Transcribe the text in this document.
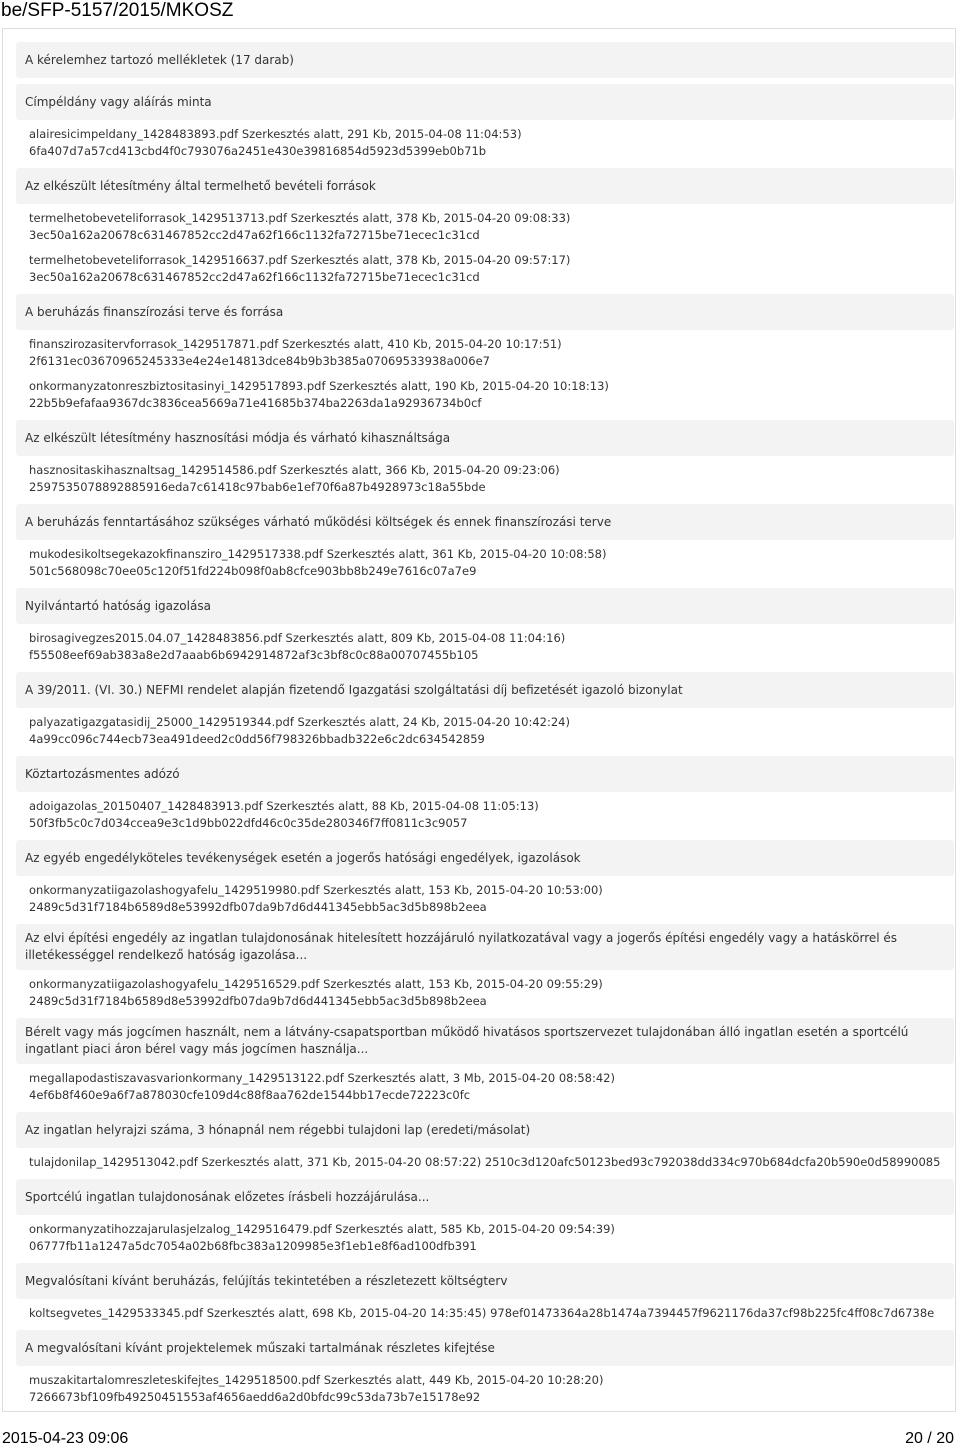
be/SFP-5157/2015/MKOSZ
A kérelemhez tartozó mellékletek (17 darab)
Címpéldány vagy aláírás minta
alairesicimpeldany_1428483893.pdf Szerkesztés alatt, 291 Kb, 2015-04-08 11:04:53)
6fa407d7a57cd413cbd4f0c793076a2451e430e39816854d5923d5399eb0b71b
Az elkészült létesítmény által termelhető bevételi források
termelhetobeveteliforrasok_1429513713.pdf Szerkesztés alatt, 378 Kb, 2015-04-20 09:08:33)
3ec50a162a20678c631467852cc2d47a62f166c1132fa72715be71ecec1c31cd
termelhetobeveteliforrasok_1429516637.pdf Szerkesztés alatt, 378 Kb, 2015-04-20 09:57:17)
3ec50a162a20678c631467852cc2d47a62f166c1132fa72715be71ecec1c31cd
A beruházás finanszírozási terve és forrása
finanszirozasitervforrasok_1429517871.pdf Szerkesztés alatt, 410 Kb, 2015-04-20 10:17:51)
2f6131ec03670965245333e4e24e14813dce84b9b3b385a07069533938a006e7
onkormanyzatonreszbiztositasinyi_1429517893.pdf Szerkesztés alatt, 190 Kb, 2015-04-20 10:18:13)
22b5b9efafaa9367dc3836cea5669a71e41685b374ba2263da1a92936734b0cf
Az elkészült létesítmény hasznosítási módja és várható kihasználtsága
hasznositaskihasznaltsag_1429514586.pdf Szerkesztés alatt, 366 Kb, 2015-04-20 09:23:06)
2597535078892885916eda7c61418c97bab6e1ef70f6a87b4928973c18a55bde
A beruházás fenntartásához szükséges várható működési költségek és ennek finanszírozási terve
mukodesikoltsegekazokfinanszirо_1429517338.pdf Szerkesztés alatt, 361 Kb, 2015-04-20 10:08:58)
501c568098c70ee05c120f51fd224b098f0ab8cfce903bb8b249e7616c07a7e9
Nyilvántartó hatóság igazolása
birosagivegzes2015.04.07_1428483856.pdf Szerkesztés alatt, 809 Kb, 2015-04-08 11:04:16)
f55508eef69ab383a8e2d7aaab6b6942914872af3c3bf8c0c88a00707455b105
A 39/2011. (VI. 30.) NEFMI rendelet alapján fizetendő Igazgatási szolgáltatási díj befizetését igazoló bizonylat
palyazatigazgatasidij_25000_1429519344.pdf Szerkesztés alatt, 24 Kb, 2015-04-20 10:42:24)
4a99cc096c744ecb73ea491deed2c0dd56f798326bbadb322e6c2dc634542859
Köztartozásmentes adózó
adoigazolas_20150407_1428483913.pdf Szerkesztés alatt, 88 Kb, 2015-04-08 11:05:13)
50f3fb5c0c7d034ccea9e3c1d9bb022dfd46c0c35de280346f7ff0811c3c9057
Az egyéb engedélyköteles tevékenységek esetén a jogerős hatósági engedélyek, igazolások
onkormanyzatiigazolashogyafelu_1429519980.pdf Szerkesztés alatt, 153 Kb, 2015-04-20 10:53:00)
2489c5d31f7184b6589d8e53992dfb07da9b7d6d441345ebb5ac3d5b898b2eea
Az elvi építési engedély az ingatlan tulajdonosának hitelesített hozzájáruló nyilatkozatával vagy a jogerős építési engedély vagy a hatáskörrel és illetékességgel rendelkező hatóság igazolása...
onkormanyzatiigazolashogyafelu_1429516529.pdf Szerkesztés alatt, 153 Kb, 2015-04-20 09:55:29)
2489c5d31f7184b6589d8e53992dfb07da9b7d6d441345ebb5ac3d5b898b2eea
Bérelt vagy más jogcímen használt, nem a látvány-csapatsportban működő hivatásos sportszervezet tulajdonában álló ingatlan esetén a sportcélú ingatlant piaci áron bérel vagy más jogcímen használja...
megallapodastiszavasvarionkormany_1429513122.pdf Szerkesztés alatt, 3 Mb, 2015-04-20 08:58:42)
4ef6b8f460e9a6f7a878030cfe109d4c88f8aa762de1544bb17ecde72223c0fc
Az ingatlan helyrajzi száma, 3 hónapnál nem régebbi tulajdoni lap (eredeti/másolat)
tulajdonilap_1429513042.pdf Szerkesztés alatt, 371 Kb, 2015-04-20 08:57:22) 2510c3d120afc50123bed93c792038dd334c970b684dcfa20b590e0d58990085
Sportcélú ingatlan tulajdonosának előzetes írásbeli hozzájárulása...
onkormanyzatihozzajarulasjelzalog_1429516479.pdf Szerkesztés alatt, 585 Kb, 2015-04-20 09:54:39)
06777fb11a1247a5dc7054a02b68fbc383a1209985e3f1eb1e8f6ad100dfb391
Megvalósítani kívánt beruházás, felújítás tekintetében a részletezett költségterv
koltsegvetes_1429533345.pdf Szerkesztés alatt, 698 Kb, 2015-04-20 14:35:45) 978ef01473364a28b1474a7394457f9621176da37cf98b225fc4ff08c7d6738e
A megvalósítani kívánt projektelemek műszaki tartalmának részletes kifejtése
muszakitartalomreszleteskifejtes_1429518500.pdf Szerkesztés alatt, 449 Kb, 2015-04-20 10:28:20)
7266673bf109fb49250451553af4656aedd6a2d0bfdc99c53da73b7e15178e92
2015-04-23 09:06	20 / 20
